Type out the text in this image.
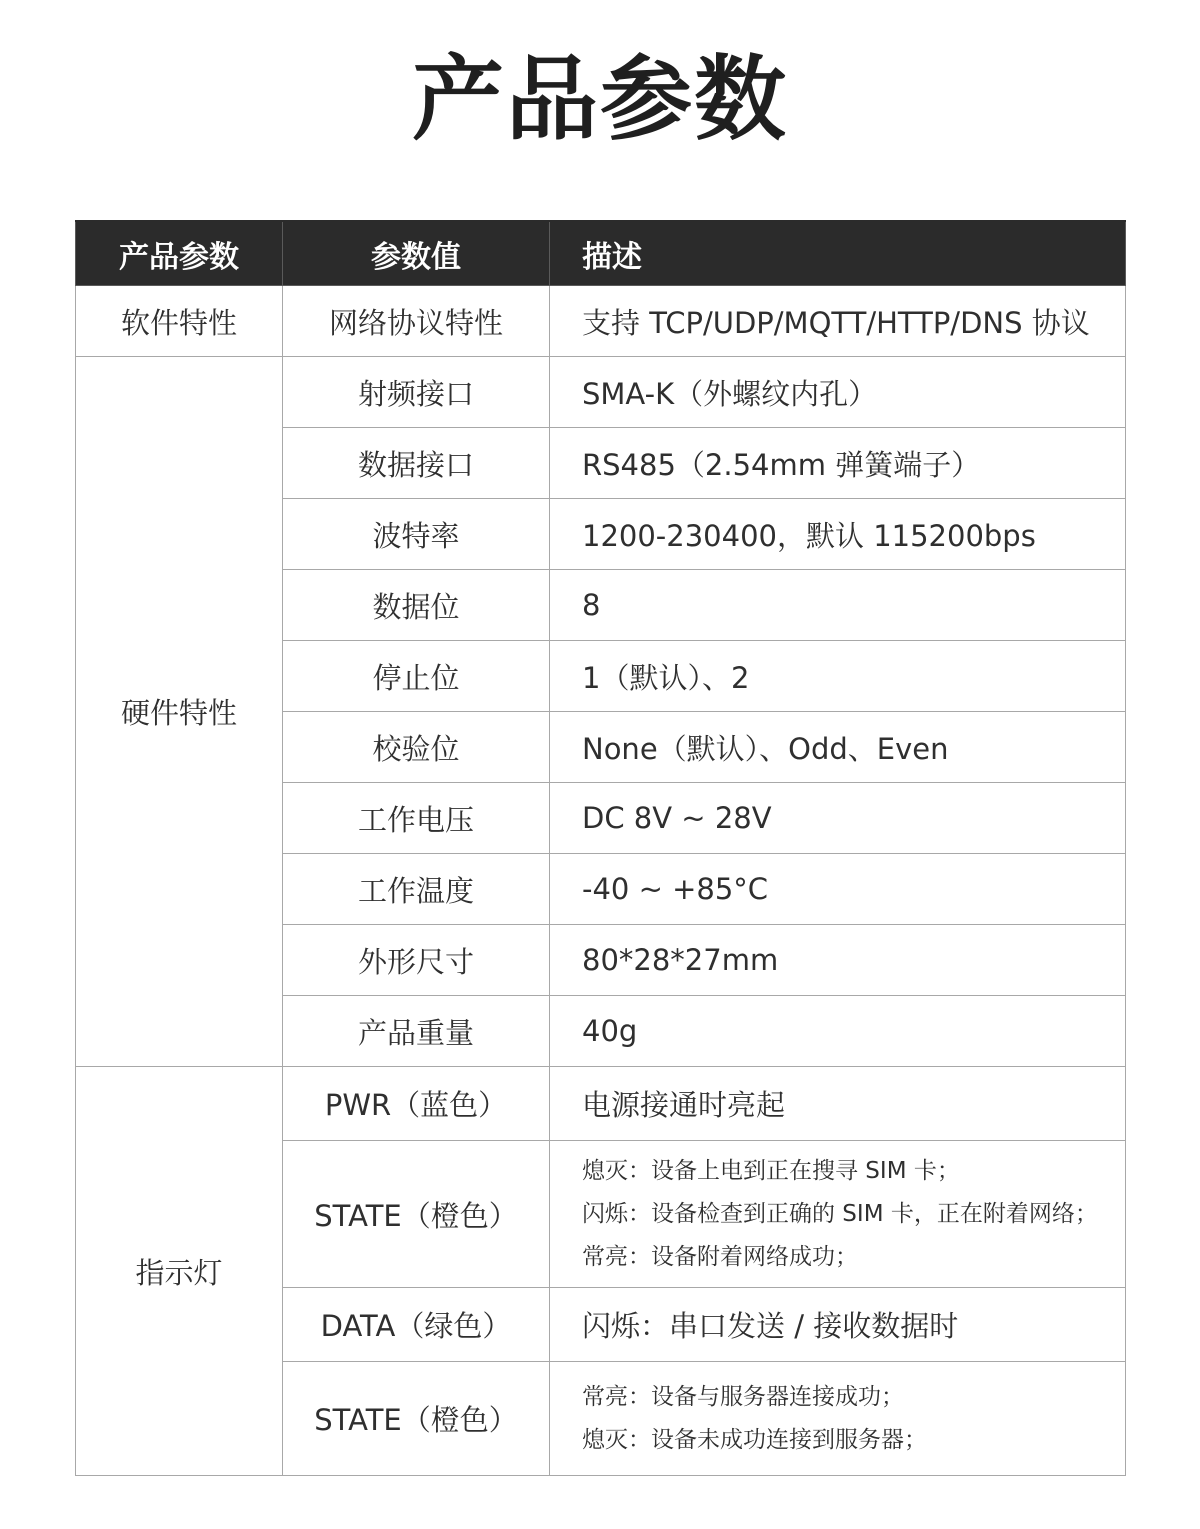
产品参数
产品参数	参数值	描述
软件特性	网络协议特性	支持 TCP/UDP/MQTT/HTTP/DNS 协议
硬件特性	射频接口	SMA-K（外螺纹内孔）
	数据接口	RS485（2.54mm 弹簧端子）
	波特率	1200-230400，默认 115200bps
	数据位	8
	停止位	1（默认）、2
	校验位	None（默认）、Odd、Even
	工作电压	DC 8V ~ 28V
	工作温度	-40 ~ +85°C
	外形尺寸	80*28*27mm
	产品重量	40g
指示灯	PWR（蓝色）	电源接通时亮起
	STATE（橙色）	熄灭：设备上电到正在搜寻 SIM 卡；
闪烁：设备检查到正确的 SIM 卡，正在附着网络；
常亮：设备附着网络成功；

	DATA（绿色）	闪烁：串口发送 / 接收数据时
	STATE（橙色）	常亮：设备与服务器连接成功；
熄灭：设备未成功连接到服务器；
